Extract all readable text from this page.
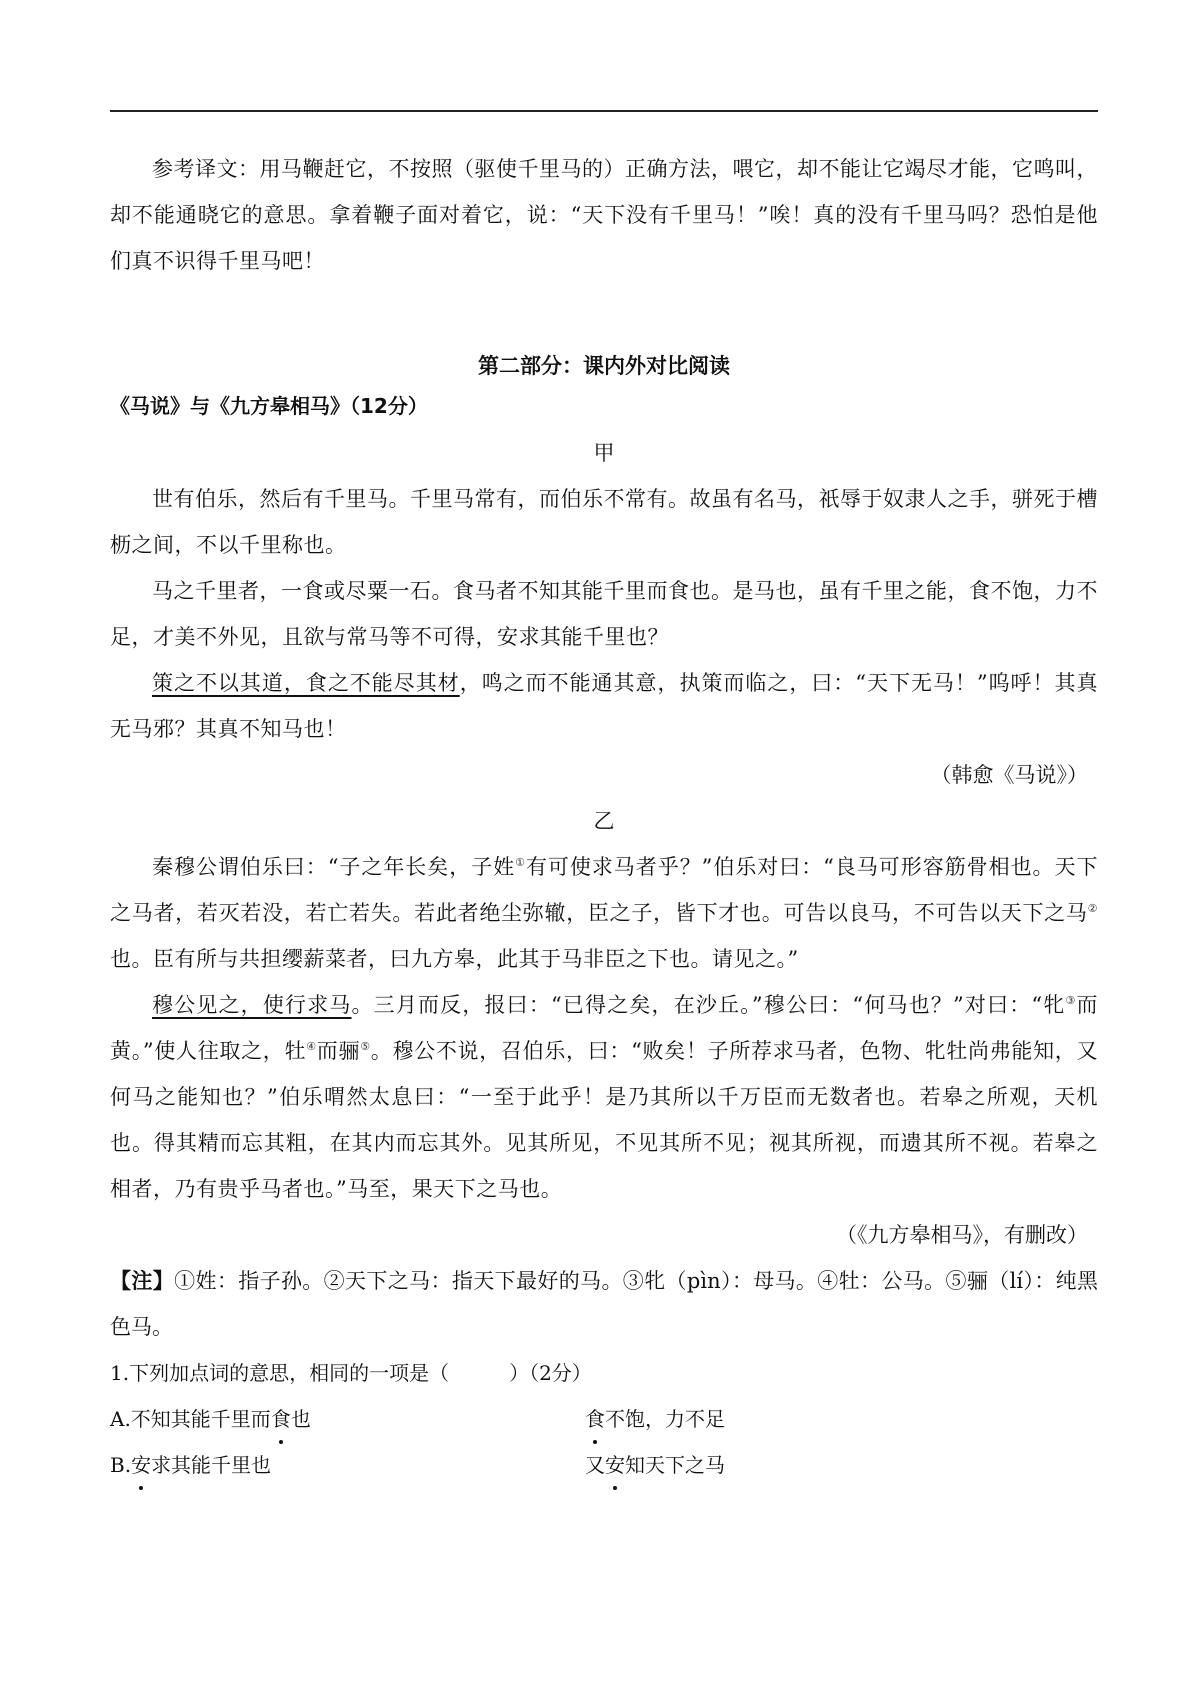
参考译文：用马鞭赶它，不按照（驱使千里马的）正确方法，喂它，却不能让它竭尽才能，它鸣叫，却不能通晓它的意思。拿着鞭子面对着它，说：“天下没有千里马！”唉！真的没有千里马吗？恐怕是他们真不识得千里马吧！

第二部分：课内外对比阅读

《马说》与《九方皋相马》（12分）

甲

世有伯乐，然后有千里马。千里马常有，而伯乐不常有。故虽有名马，祇辱于奴隶人之手，骈死于槽枥之间，不以千里称也。

马之千里者，一食或尽粟一石。食马者不知其能千里而食也。是马也，虽有千里之能，食不饱，力不足，才美不外见，且欲与常马等不可得，安求其能千里也？

策之不以其道，食之不能尽其材，鸣之而不能通其意，执策而临之，曰：“天下无马！”呜呼！其真无马邪？其真不知马也！

（韩愈《马说》）

乙

秦穆公谓伯乐曰：“子之年长矣，子姓①有可使求马者乎？”伯乐对曰：“良马可形容筋骨相也。天下之马者，若灭若没，若亡若失。若此者绝尘弥辙，臣之子，皆下才也。可告以良马，不可告以天下之马②也。臣有所与共担缨薪菜者，曰九方皋，此其于马非臣之下也。请见之。”

穆公见之，使行求马。三月而反，报曰：“已得之矣，在沙丘。”穆公曰：“何马也？”对曰：“牝③而黄。”使人往取之，牡④而骊⑤。穆公不说，召伯乐，曰：“败矣！子所荐求马者，色物、牝牡尚弗能知，又何马之能知也？”伯乐喟然太息曰：“一至于此乎！是乃其所以千万臣而无数者也。若皋之所观，天机也。得其精而忘其粗，在其内而忘其外。见其所见，不见其所不见；视其所视，而遗其所不视。若皋之相者，乃有贵乎马者也。”马至，果天下之马也。

（《九方皋相马》，有删改）

【注】①姓：指子孙。②天下之马：指天下最好的马。③牝（pìn）：母马。④牡：公马。⑤骊（lí）：纯黑色马。

1.下列加点词的意思，相同的一项是（　　　）（2分）

A.不知其能千里而食也	食不饱，力不足
B.安求其能千里也	又安知天下之马
